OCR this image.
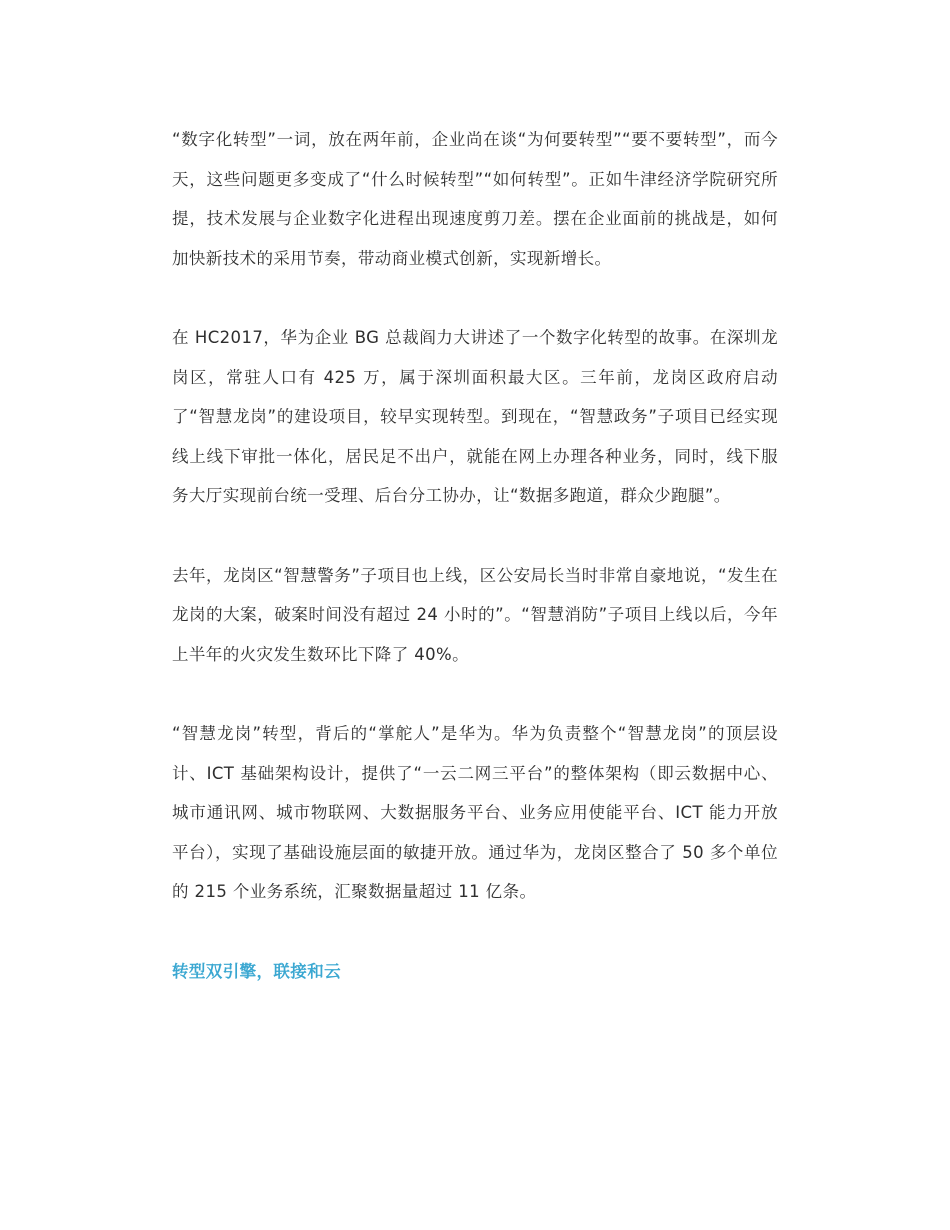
“数字化转型”一词，放在两年前，企业尚在谈“为何要转型”“要不要转型”，而今天，这些问题更多变成了“什么时候转型”“如何转型”。正如牛津经济学院研究所提，技术发展与企业数字化进程出现速度剪刀差。摆在企业面前的挑战是，如何加快新技术的采用节奏，带动商业模式创新，实现新增长。

在 HC2017，华为企业 BG 总裁阎力大讲述了一个数字化转型的故事。在深圳龙岗区，常驻人口有 425 万，属于深圳面积最大区。三年前，龙岗区政府启动了“智慧龙岗”的建设项目，较早实现转型。到现在，“智慧政务”子项目已经实现线上线下审批一体化，居民足不出户，就能在网上办理各种业务，同时，线下服务大厅实现前台统一受理、后台分工协办，让“数据多跑道，群众少跑腿”。

去年，龙岗区“智慧警务”子项目也上线，区公安局长当时非常自豪地说，“发生在龙岗的大案，破案时间没有超过 24 小时的”。“智慧消防”子项目上线以后，今年上半年的火灾发生数环比下降了 40%。

“智慧龙岗”转型，背后的“掌舵人”是华为。华为负责整个“智慧龙岗”的顶层设计、ICT 基础架构设计，提供了“一云二网三平台”的整体架构（即云数据中心、城市通讯网、城市物联网、大数据服务平台、业务应用使能平台、ICT 能力开放平台），实现了基础设施层面的敏捷开放。通过华为，龙岗区整合了 50 多个单位的 215 个业务系统，汇聚数据量超过 11 亿条。

转型双引擎，联接和云
